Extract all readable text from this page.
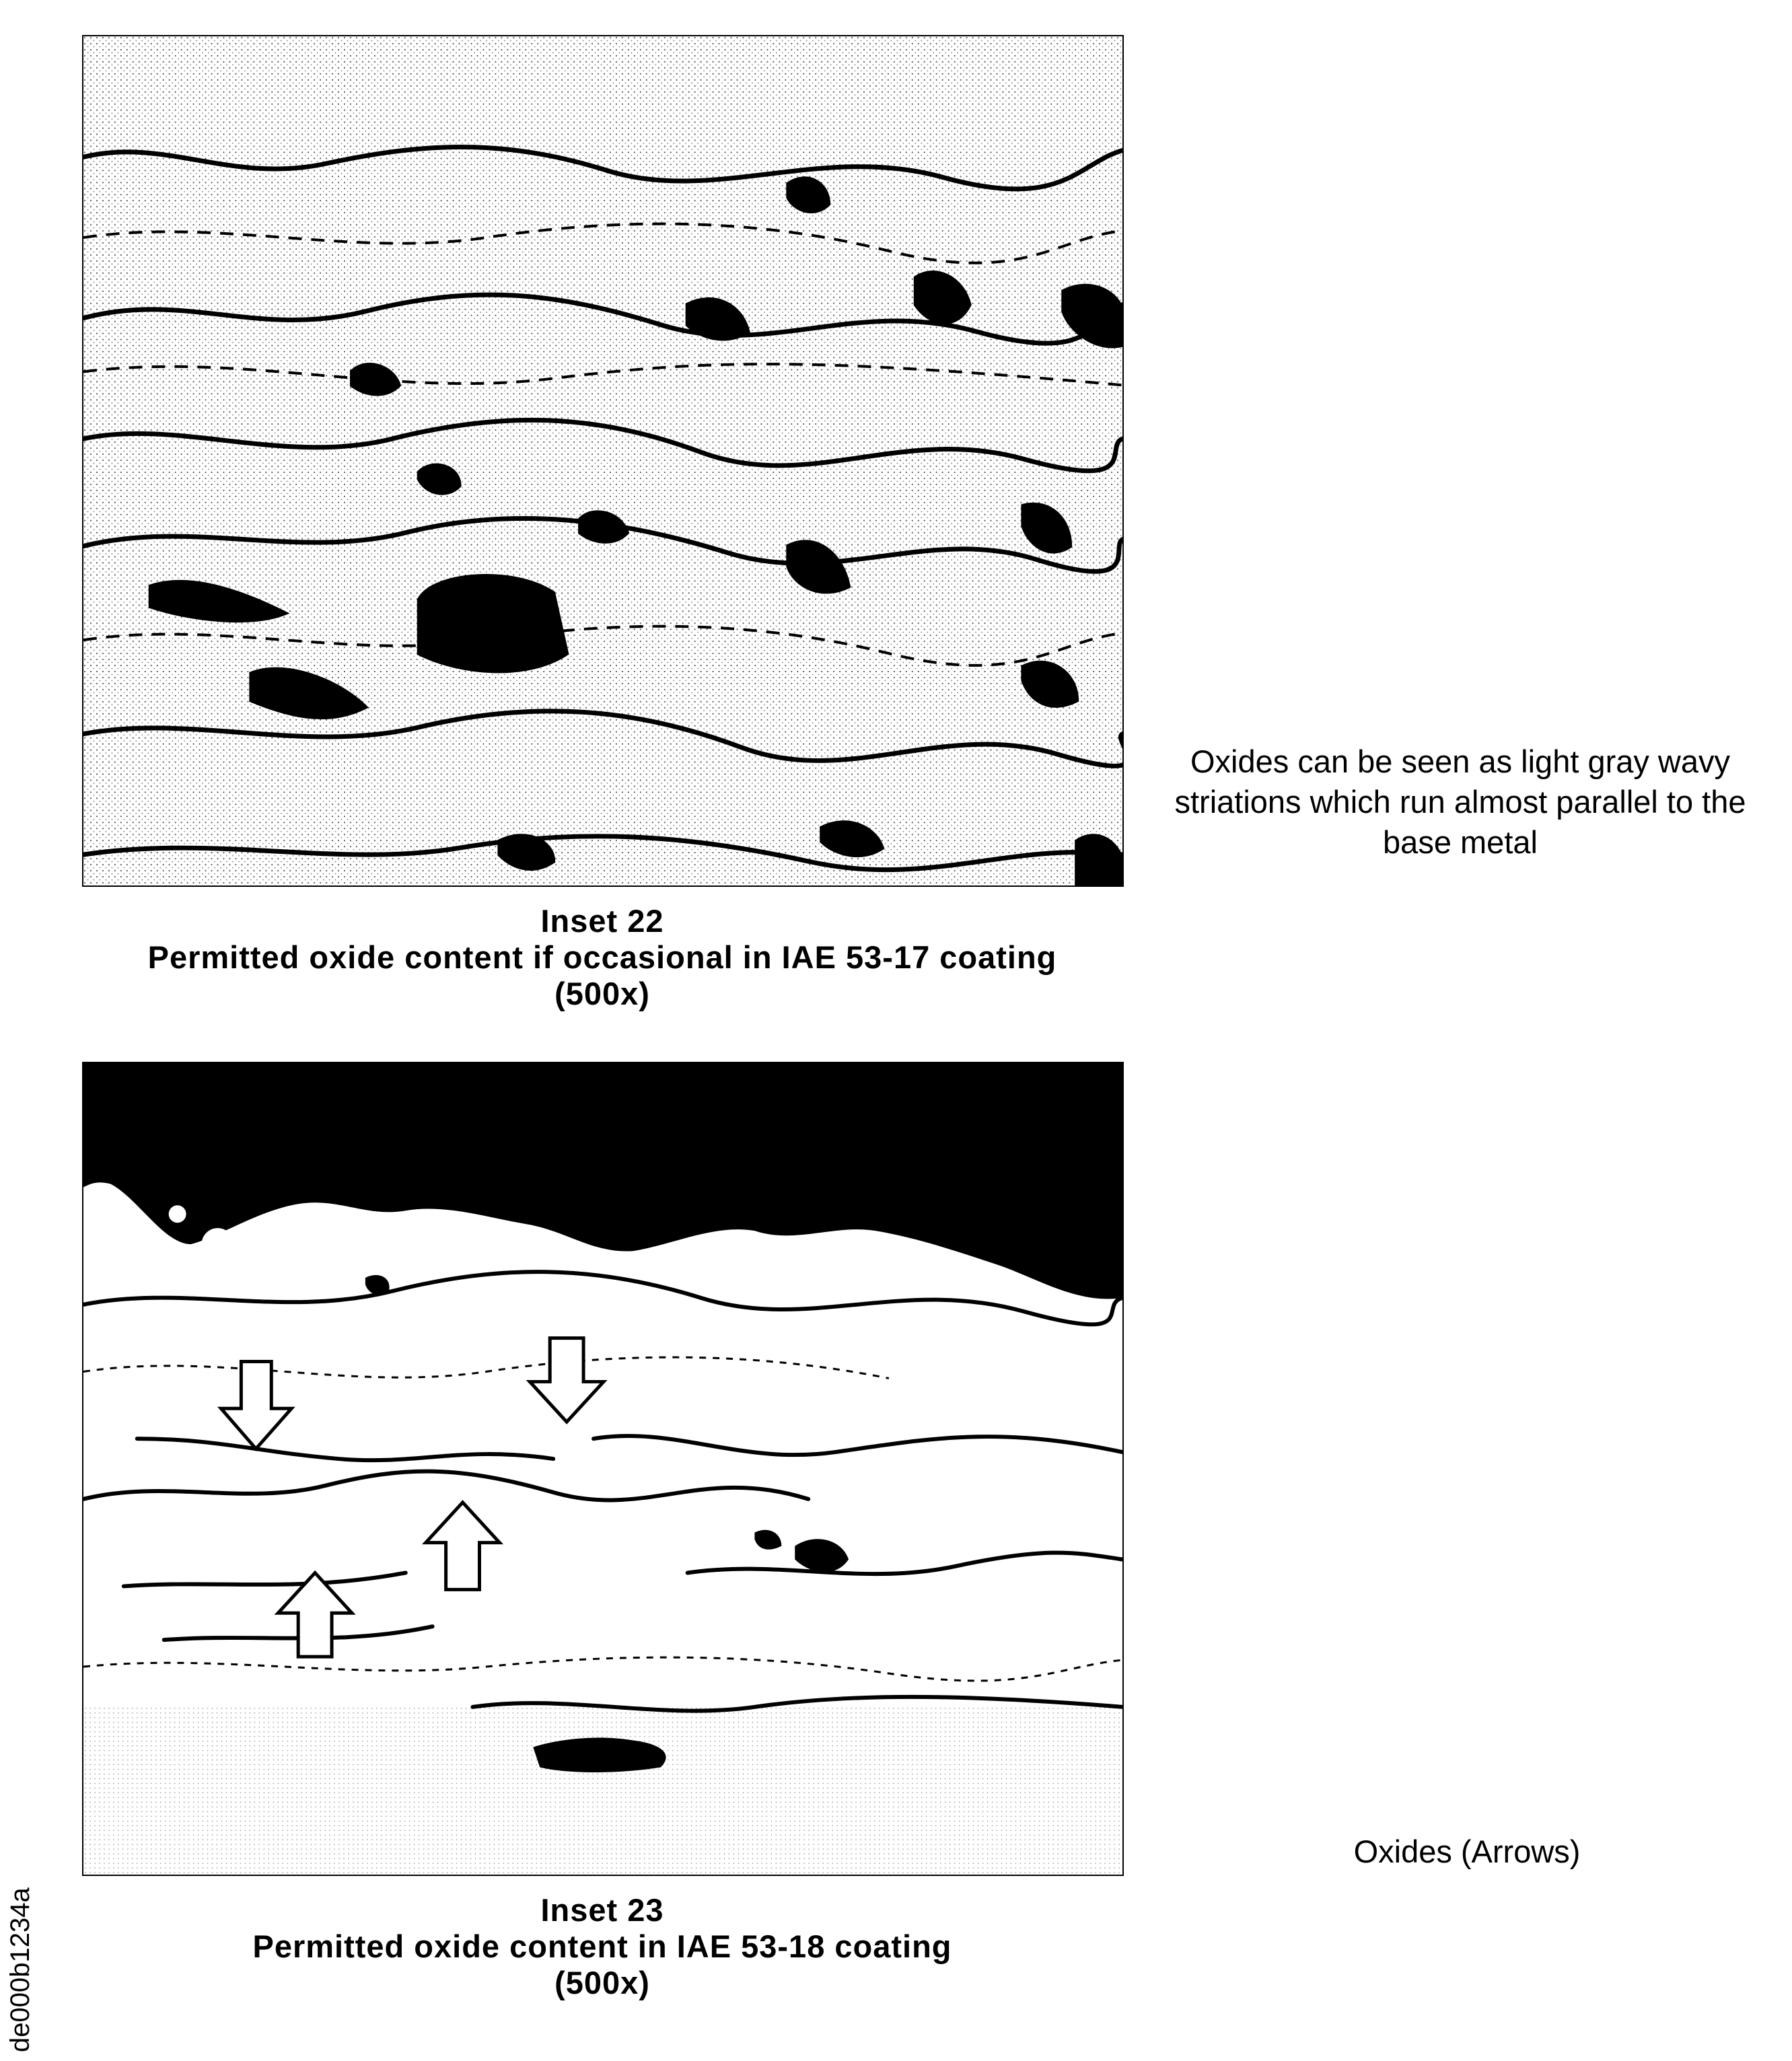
Inset 22
Permitted oxide content if occasional in IAE 53-17 coating
(500x)
Oxides can be seen as light gray wavy striations which run almost parallel to the base metal
Inset 23
Permitted oxide content in IAE 53-18 coating
(500x)
Oxides (Arrows)
de000b1234a
